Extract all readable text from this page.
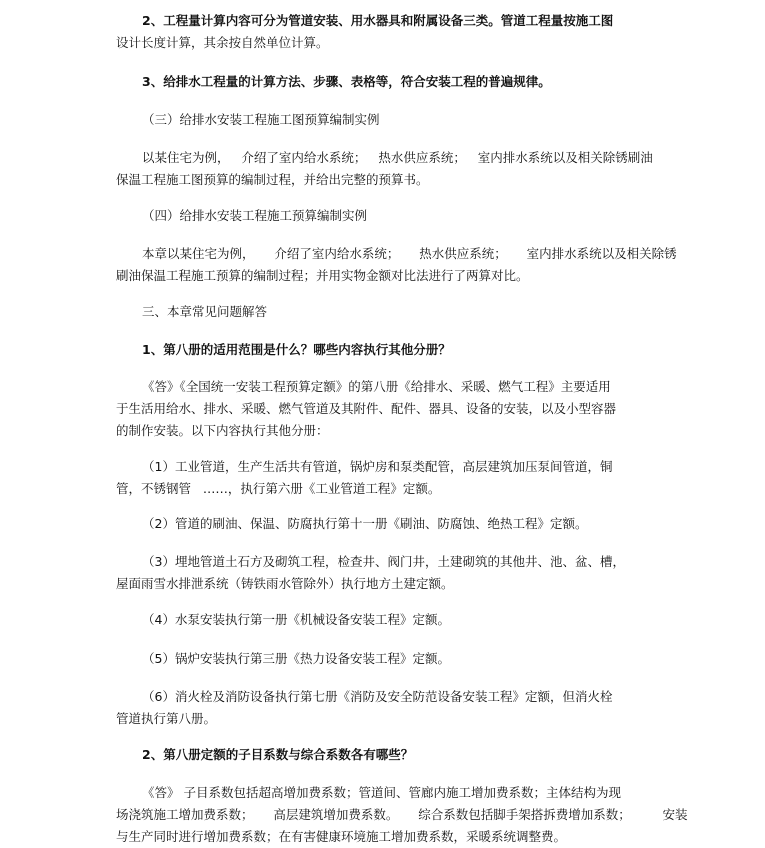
2、工程量计算内容可分为管道安装、用水器具和附属设备三类。管道工程量按施工图
设计长度计算，其余按自然单位计算。

3、给排水工程量的计算方法、步骤、表格等，符合安装工程的普遍规律。

（三）给排水安装工程施工图预算编制实例

以某住宅为例，   介绍了室内给水系统；   热水供应系统；   室内排水系统以及相关除锈刷油
保温工程施工图预算的编制过程，并给出完整的预算书。

（四）给排水安装工程施工预算编制实例

本章以某住宅为例，     介绍了室内给水系统；     热水供应系统；     室内排水系统以及相关除锈
刷油保温工程施工预算的编制过程；并用实物金额对比法进行了两算对比。

三、本章常见问题解答

1、第八册的适用范围是什么？哪些内容执行其他分册？

《答》《全国统一安装工程预算定额》的第八册《给排水、采暖、燃气工程》主要适用
于生活用给水、排水、采暖、燃气管道及其附件、配件、器具、设备的安装，以及小型容器
的制作安装。以下内容执行其他分册：

（1）工业管道，生产生活共有管道，锅炉房和泵类配管，高层建筑加压泵间管道，铜
管，不锈钢管   ……，执行第六册《工业管道工程》定额。

（2）管道的刷油、保温、防腐执行第十一册《刷油、防腐蚀、绝热工程》定额。

（3）埋地管道土石方及砌筑工程，检查井、阀门井，土建砌筑的其他井、池、盆、槽，
屋面雨雪水排泄系统（铸铁雨水管除外）执行地方土建定额。

（4）水泵安装执行第一册《机械设备安装工程》定额。

（5）锅炉安装执行第三册《热力设备安装工程》定额。

（6）消火栓及消防设备执行第七册《消防及安全防范设备安装工程》定额，但消火栓
管道执行第八册。

2、第八册定额的子目系数与综合系数各有哪些？

《答》 子目系数包括超高增加费系数；管道间、管廊内施工增加费系数；主体结构为现
场浇筑施工增加费系数；     高层建筑增加费系数。     综合系数包括脚手架搭拆费增加系数；        安装
与生产同时进行增加费系数；在有害健康环境施工增加费系数，采暖系统调整费。
